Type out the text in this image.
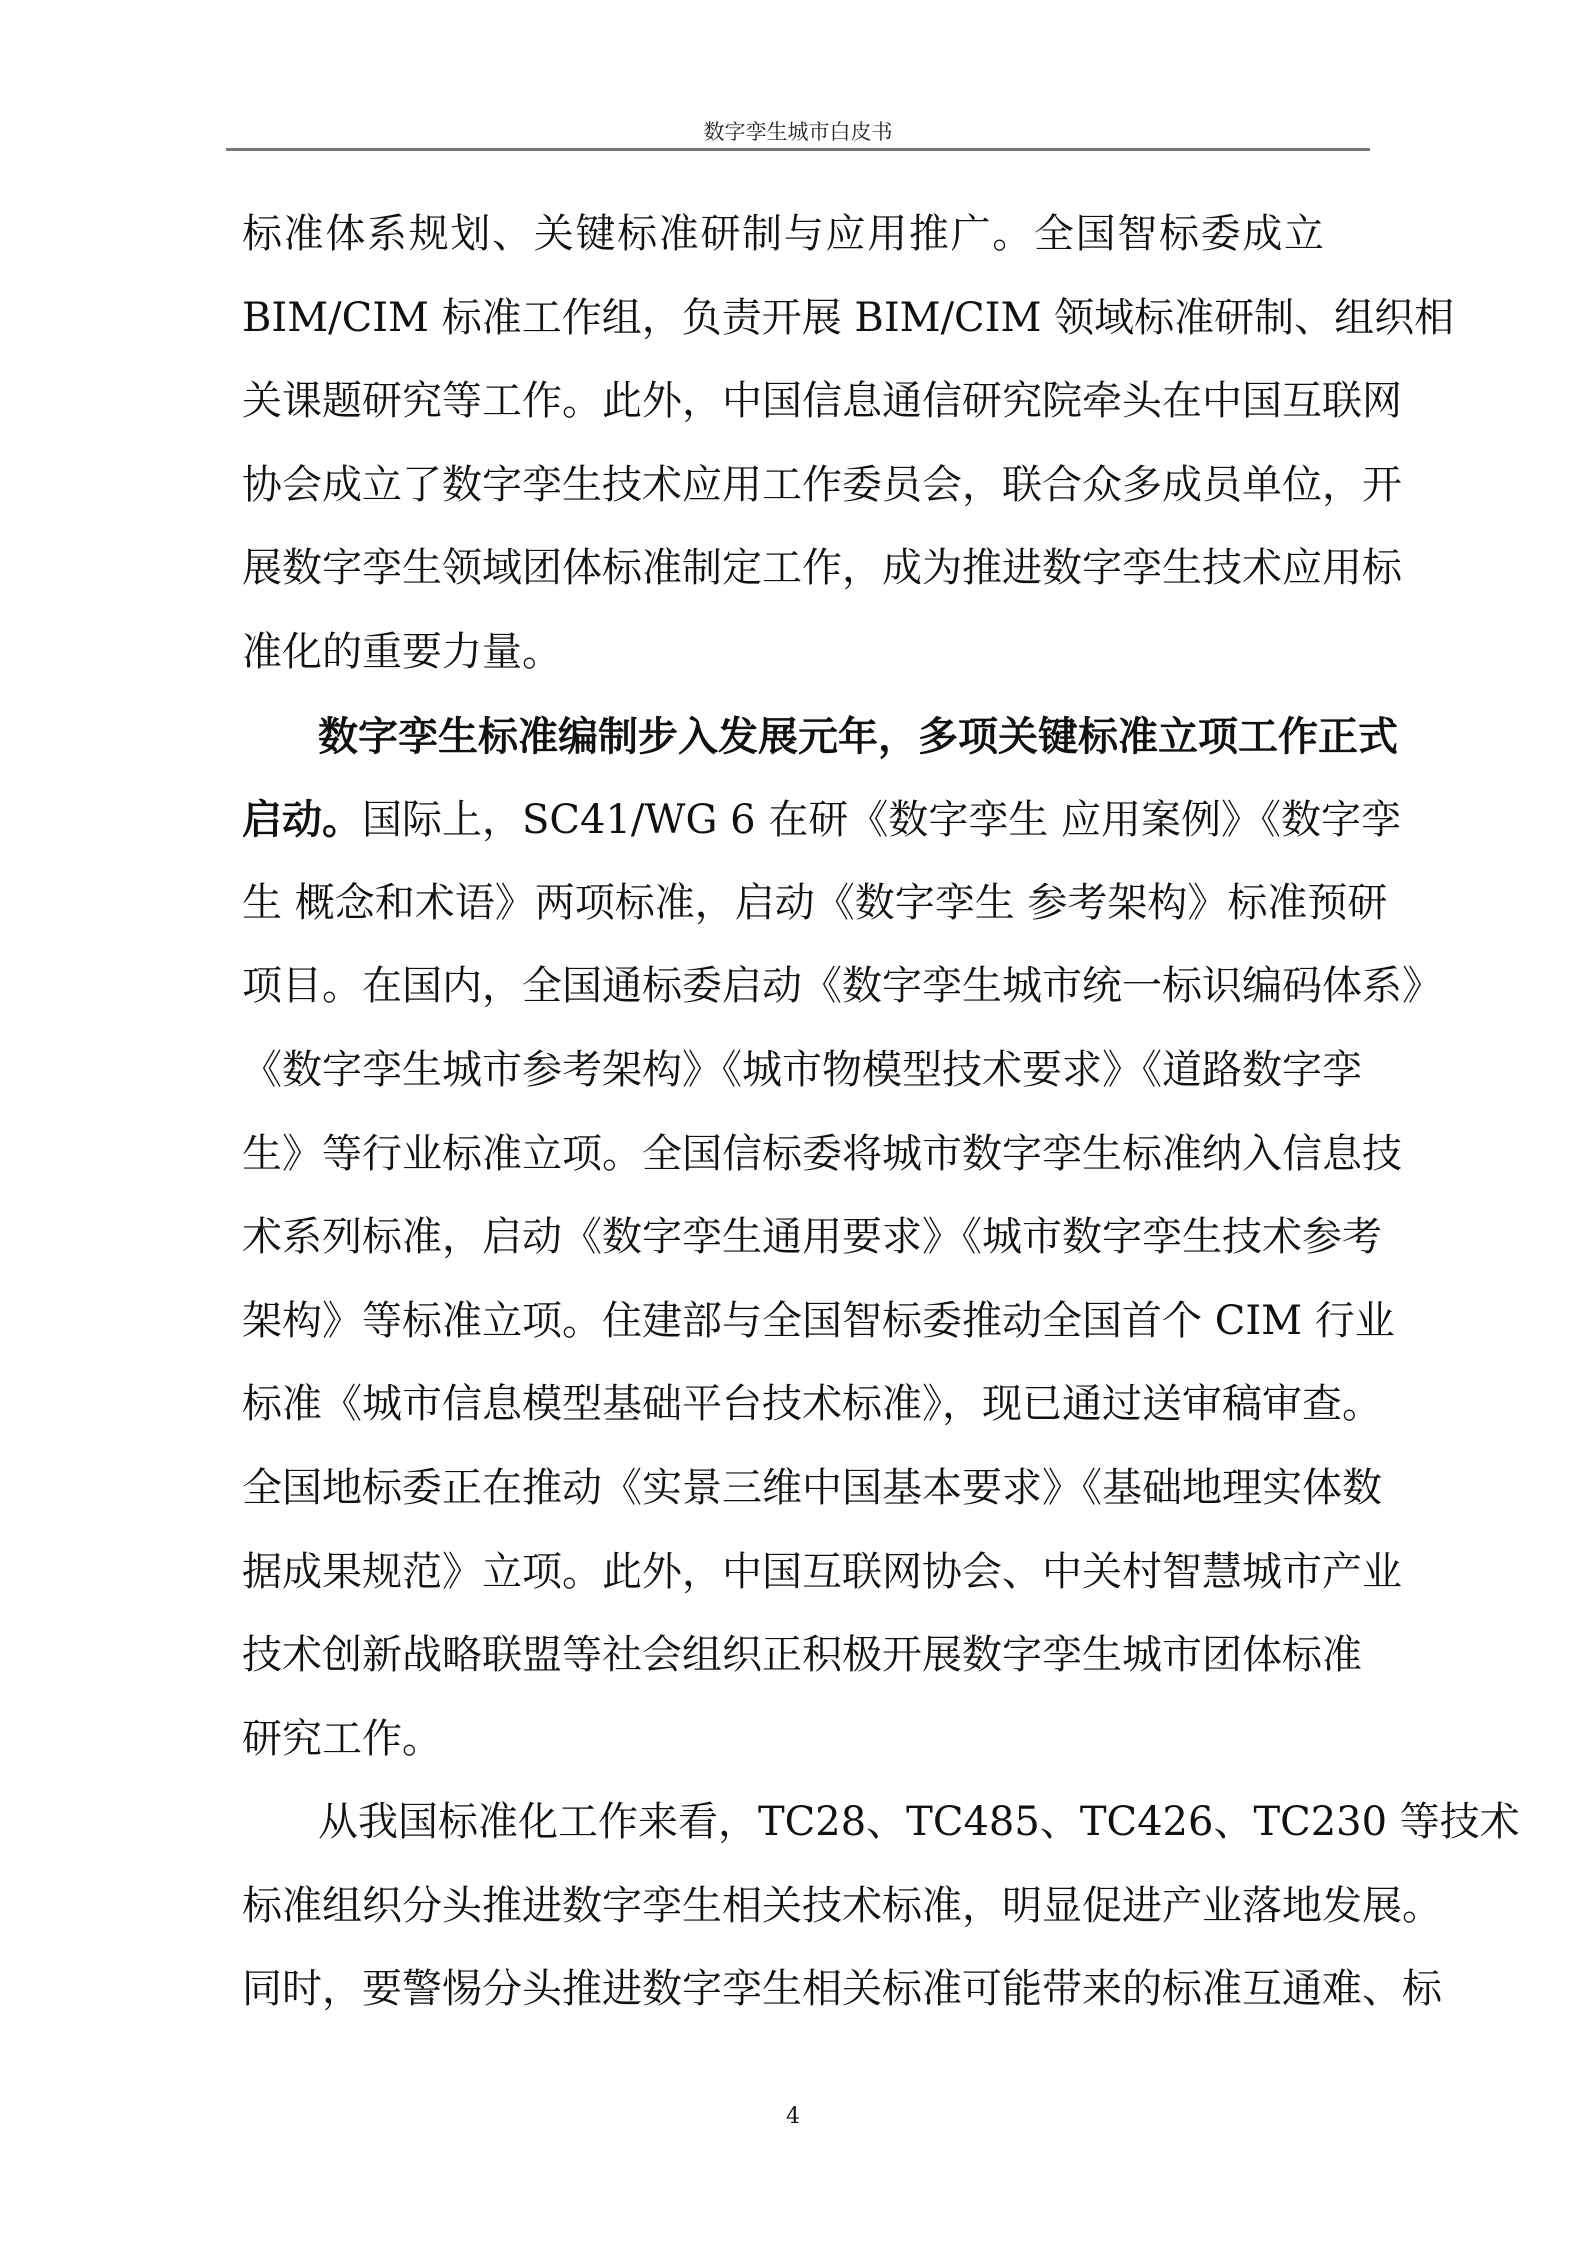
数字孪生城市白皮书
标准体系规划、关键标准研制与应用推广。全国智标委成立
BIM/CIM 标准工作组，负责开展 BIM/CIM 领域标准研制、组织相
关课题研究等工作。此外，中国信息通信研究院牵头在中国互联网
协会成立了数字孪生技术应用工作委员会，联合众多成员单位，开
展数字孪生领域团体标准制定工作，成为推进数字孪生技术应用标
准化的重要力量。
数字孪生标准编制步入发展元年，多项关键标准立项工作正式
启动。国际上，SC41/WG 6 在研《数字孪生 应用案例》《数字孪
生 概念和术语》两项标准，启动《数字孪生 参考架构》标准预研
项目。在国内，全国通标委启动《数字孪生城市统一标识编码体系》
《数字孪生城市参考架构》《城市物模型技术要求》《道路数字孪
生》等行业标准立项。全国信标委将城市数字孪生标准纳入信息技
术系列标准，启动《数字孪生通用要求》《城市数字孪生技术参考
架构》等标准立项。住建部与全国智标委推动全国首个 CIM 行业
标准《城市信息模型基础平台技术标准》，现已通过送审稿审查。
全国地标委正在推动《实景三维中国基本要求》《基础地理实体数
据成果规范》立项。此外，中国互联网协会、中关村智慧城市产业
技术创新战略联盟等社会组织正积极开展数字孪生城市团体标准
研究工作。
从我国标准化工作来看，TC28、TC485、TC426、TC230 等技术
标准组织分头推进数字孪生相关技术标准，明显促进产业落地发展。
同时，要警惕分头推进数字孪生相关标准可能带来的标准互通难、标
4
